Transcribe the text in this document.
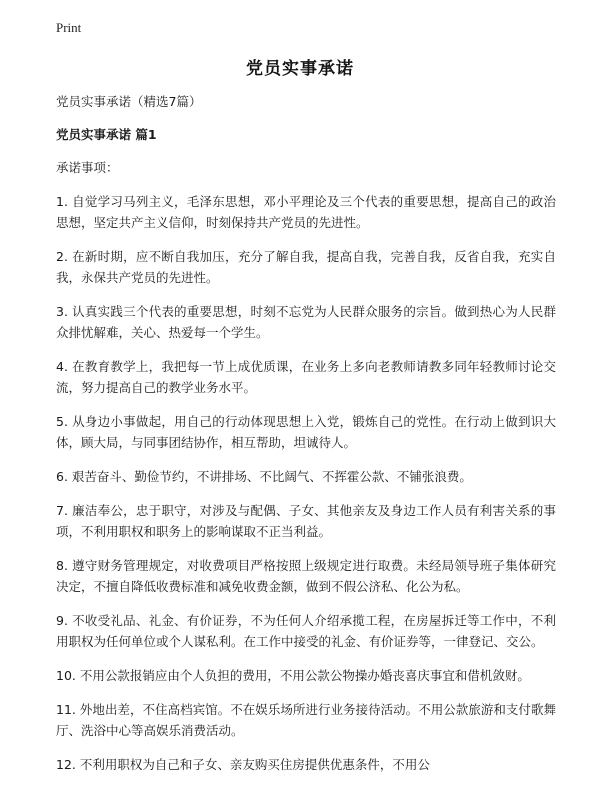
Print
党员实事承诺

党员实事承诺（精选7篇）

党员实事承诺 篇1

承诺事项：

1. 自觉学习马列主义，毛泽东思想，邓小平理论及三个代表的重要思想，提高自己的政治思想，坚定共产主义信仰，时刻保持共产党员的先进性。

2. 在新时期，应不断自我加压，充分了解自我，提高自我，完善自我，反省自我，充实自我，永保共产党员的先进性。

3. 认真实践三个代表的重要思想，时刻不忘党为人民群众服务的宗旨。做到热心为人民群众排忧解难，关心、热爱每一个学生。

4. 在教育教学上，我把每一节上成优质课，在业务上多向老教师请教多同年轻教师讨论交流，努力提高自己的教学业务水平。

5. 从身边小事做起，用自己的行动体现思想上入党，锻炼自己的党性。在行动上做到识大体，顾大局，与同事团结协作，相互帮助，坦诚待人。

6. 艰苦奋斗、勤俭节约，不讲排场、不比阔气、不挥霍公款、不铺张浪费。

7. 廉洁奉公，忠于职守，对涉及与配偶、子女、其他亲友及身边工作人员有利害关系的事项，不利用职权和职务上的影响谋取不正当利益。

8. 遵守财务管理规定，对收费项目严格按照上级规定进行取费。未经局领导班子集体研究决定，不擅自降低收费标准和减免收费金额，做到不假公济私、化公为私。

9. 不收受礼品、礼金、有价证券，不为任何人介绍承揽工程，在房屋拆迁等工作中，不利用职权为任何单位或个人谋私利。在工作中接受的礼金、有价证券等，一律登记、交公。

10. 不用公款报销应由个人负担的费用，不用公款公物操办婚丧喜庆事宜和借机敛财。

11. 外地出差，不住高档宾馆。不在娱乐场所进行业务接待活动。不用公款旅游和支付歌舞厅、洗浴中心等高娱乐消费活动。

12. 不利用职权为自己和子女、亲友购买住房提供优惠条件，不用公
